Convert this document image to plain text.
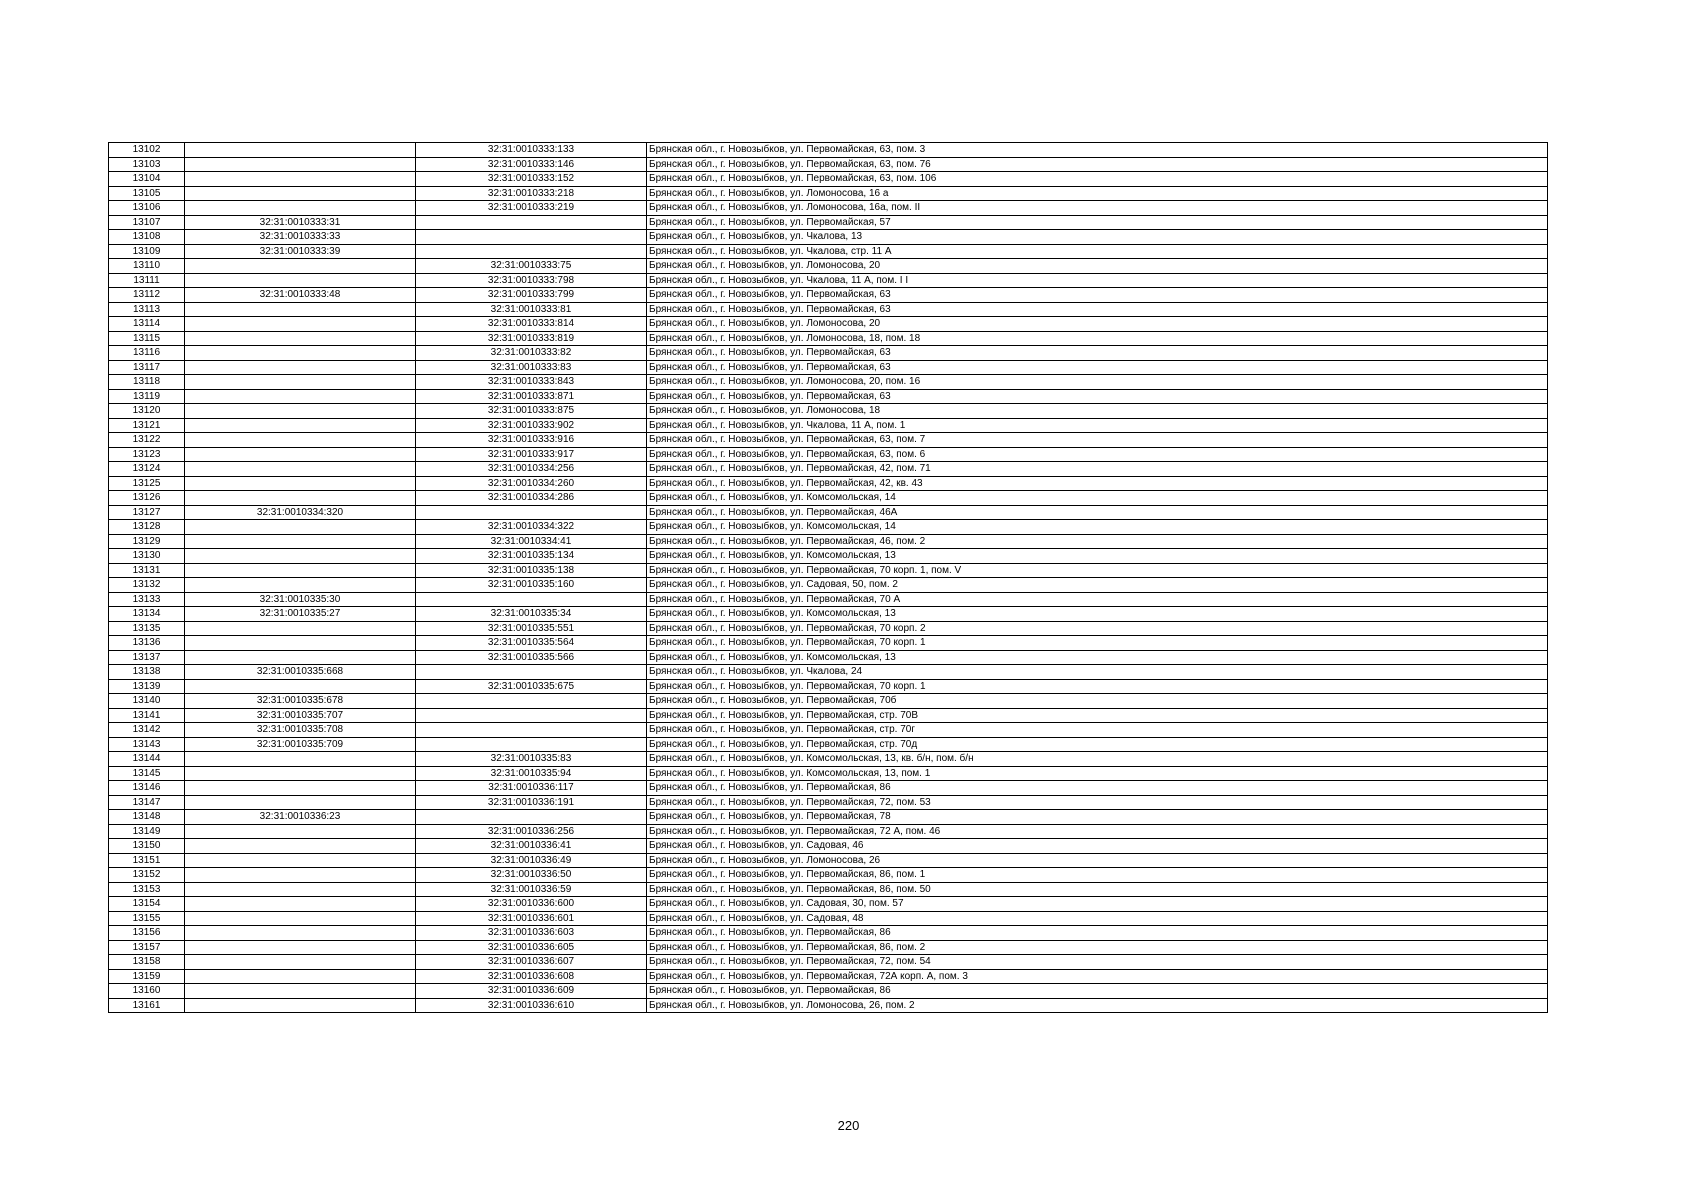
13102		32:31:0010333:133	Брянская обл., г. Новозыбков, ул. Первомайская, 63, пом. 3
13103		32:31:0010333:146	Брянская обл., г. Новозыбков, ул. Первомайская, 63, пом. 76
13104		32:31:0010333:152	Брянская обл., г. Новозыбков, ул. Первомайская, 63, пом. 106
13105		32:31:0010333:218	Брянская обл., г. Новозыбков, ул. Ломоносова, 16 а
13106		32:31:0010333:219	Брянская обл., г. Новозыбков, ул. Ломоносова, 16а, пом. II
13107	32:31:0010333:31		Брянская обл., г. Новозыбков, ул. Первомайская, 57
13108	32:31:0010333:33		Брянская обл., г. Новозыбков, ул. Чкалова, 13
13109	32:31:0010333:39		Брянская обл., г. Новозыбков, ул. Чкалова, стр. 11 А
13110		32:31:0010333:75	Брянская обл., г. Новозыбков, ул. Ломоносова, 20
13111		32:31:0010333:798	Брянская обл., г. Новозыбков, ул. Чкалова, 11 А, пом. I I
13112	32:31:0010333:48	32:31:0010333:799	Брянская обл., г. Новозыбков, ул. Первомайская, 63
13113		32:31:0010333:81	Брянская обл., г. Новозыбков, ул. Первомайская, 63
13114		32:31:0010333:814	Брянская обл., г. Новозыбков, ул. Ломоносова, 20
13115		32:31:0010333:819	Брянская обл., г. Новозыбков, ул. Ломоносова, 18, пом. 18
13116		32:31:0010333:82	Брянская обл., г. Новозыбков, ул. Первомайская, 63
13117		32:31:0010333:83	Брянская обл., г. Новозыбков, ул. Первомайская, 63
13118		32:31:0010333:843	Брянская обл., г. Новозыбков, ул. Ломоносова, 20, пом. 16
13119		32:31:0010333:871	Брянская обл., г. Новозыбков, ул. Первомайская, 63
13120		32:31:0010333:875	Брянская обл., г. Новозыбков, ул. Ломоносова, 18
13121		32:31:0010333:902	Брянская обл., г. Новозыбков, ул. Чкалова, 11 А, пом. 1
13122		32:31:0010333:916	Брянская обл., г. Новозыбков, ул. Первомайская, 63, пом. 7
13123		32:31:0010333:917	Брянская обл., г. Новозыбков, ул. Первомайская, 63, пом. 6
13124		32:31:0010334:256	Брянская обл., г. Новозыбков, ул. Первомайская, 42, пом. 71
13125		32:31:0010334:260	Брянская обл., г. Новозыбков, ул. Первомайская, 42, кв. 43
13126		32:31:0010334:286	Брянская обл., г. Новозыбков, ул. Комсомольская, 14
13127	32:31:0010334:320		Брянская обл., г. Новозыбков, ул. Первомайская, 46А
13128		32:31:0010334:322	Брянская обл., г. Новозыбков, ул. Комсомольская, 14
13129		32:31:0010334:41	Брянская обл., г. Новозыбков, ул. Первомайская, 46, пом. 2
13130		32:31:0010335:134	Брянская обл., г. Новозыбков, ул. Комсомольская, 13
13131		32:31:0010335:138	Брянская обл., г. Новозыбков, ул. Первомайская, 70 корп. 1, пом. V
13132		32:31:0010335:160	Брянская обл., г. Новозыбков, ул. Садовая, 50, пом. 2
13133	32:31:0010335:30		Брянская обл., г. Новозыбков, ул. Первомайская, 70 А
13134	32:31:0010335:27	32:31:0010335:34	Брянская обл., г. Новозыбков, ул. Комсомольская, 13
13135		32:31:0010335:551	Брянская обл., г. Новозыбков, ул. Первомайская, 70 корп. 2
13136		32:31:0010335:564	Брянская обл., г. Новозыбков, ул. Первомайская, 70 корп. 1
13137		32:31:0010335:566	Брянская обл., г. Новозыбков, ул. Комсомольская, 13
13138	32:31:0010335:668		Брянская обл., г. Новозыбков, ул. Чкалова, 24
13139		32:31:0010335:675	Брянская обл., г. Новозыбков, ул. Первомайская, 70 корп. 1
13140	32:31:0010335:678		Брянская обл., г. Новозыбков, ул. Первомайская, 70б
13141	32:31:0010335:707		Брянская обл., г. Новозыбков, ул. Первомайская, стр. 70В
13142	32:31:0010335:708		Брянская обл., г. Новозыбков, ул. Первомайская, стр. 70г
13143	32:31:0010335:709		Брянская обл., г. Новозыбков, ул. Первомайская, стр. 70д
13144		32:31:0010335:83	Брянская обл., г. Новозыбков, ул. Комсомольская, 13, кв. б/н, пом. б/н
13145		32:31:0010335:94	Брянская обл., г. Новозыбков, ул. Комсомольская, 13, пом. 1
13146		32:31:0010336:117	Брянская обл., г. Новозыбков, ул. Первомайская, 86
13147		32:31:0010336:191	Брянская обл., г. Новозыбков, ул. Первомайская, 72, пом. 53
13148	32:31:0010336:23		Брянская обл., г. Новозыбков, ул. Первомайская, 78
13149		32:31:0010336:256	Брянская обл., г. Новозыбков, ул. Первомайская, 72 А, пом. 46
13150		32:31:0010336:41	Брянская обл., г. Новозыбков, ул. Садовая, 46
13151		32:31:0010336:49	Брянская обл., г. Новозыбков, ул. Ломоносова, 26
13152		32:31:0010336:50	Брянская обл., г. Новозыбков, ул. Первомайская, 86, пом. 1
13153		32:31:0010336:59	Брянская обл., г. Новозыбков, ул. Первомайская, 86, пом. 50
13154		32:31:0010336:600	Брянская обл., г. Новозыбков, ул. Садовая, 30, пом. 57
13155		32:31:0010336:601	Брянская обл., г. Новозыбков, ул. Садовая, 48
13156		32:31:0010336:603	Брянская обл., г. Новозыбков, ул. Первомайская, 86
13157		32:31:0010336:605	Брянская обл., г. Новозыбков, ул. Первомайская, 86, пом. 2
13158		32:31:0010336:607	Брянская обл., г. Новозыбков, ул. Первомайская, 72, пом. 54
13159		32:31:0010336:608	Брянская обл., г. Новозыбков, ул. Первомайская, 72А корп. А, пом. 3
13160		32:31:0010336:609	Брянская обл., г. Новозыбков, ул. Первомайская, 86
13161		32:31:0010336:610	Брянская обл., г. Новозыбков, ул. Ломоносова, 26, пом. 2
220
